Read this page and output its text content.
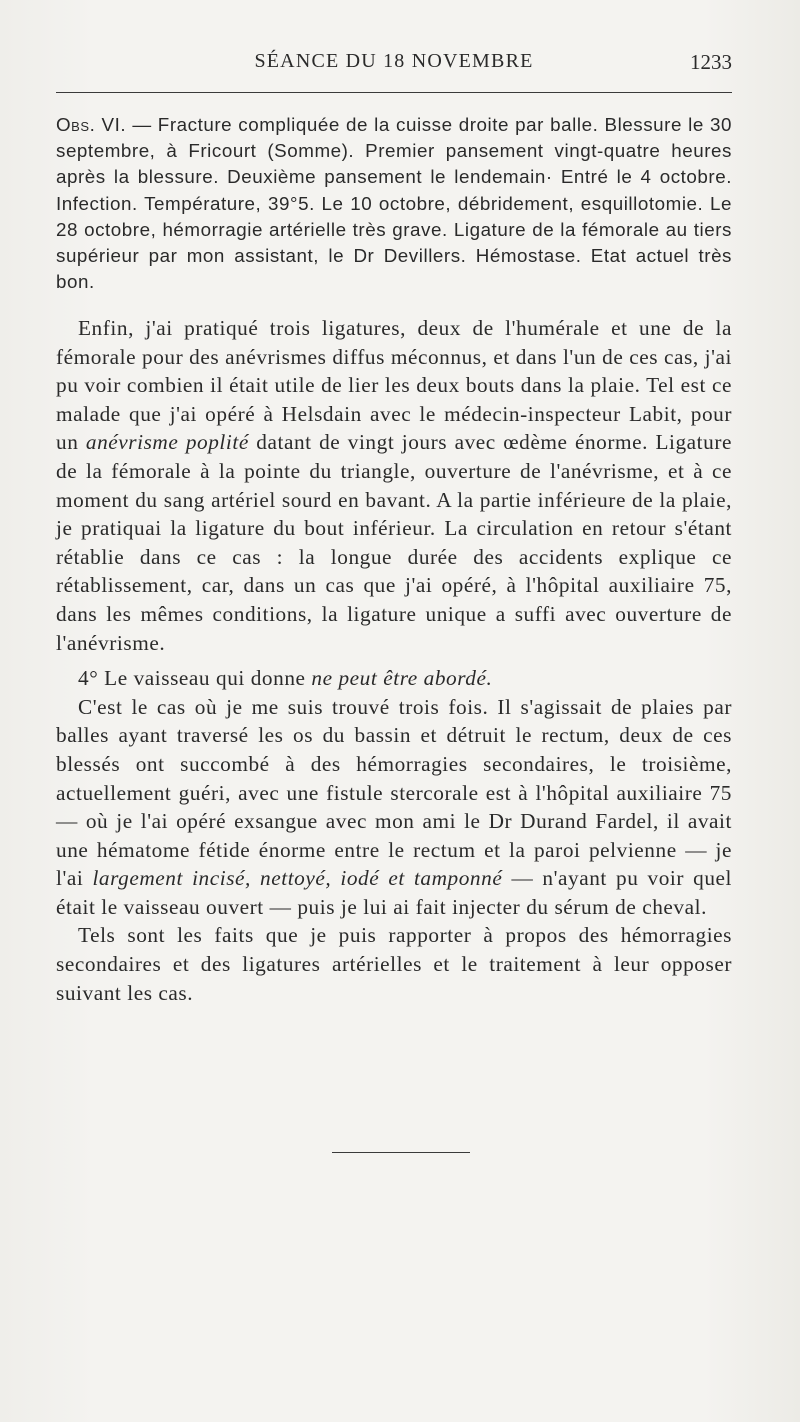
SÉANCE DU 18 NOVEMBRE	1233
Obs. VI. — Fracture compliquée de la cuisse droite par balle. Blessure le 30 septembre, à Fricourt (Somme). Premier pansement vingt-quatre heures après la blessure. Deuxième pansement le lendemain· Entré le 4 octobre. Infection. Température, 39°5. Le 10 octobre, débridement, esquillotomie. Le 28 octobre, hémorragie artérielle très grave. Ligature de la fémorale au tiers supérieur par mon assistant, le Dr Devillers. Hémostase. Etat actuel très bon.

Enfin, j'ai pratiqué trois ligatures, deux de l'humérale et une de la fémorale pour des anévrismes diffus méconnus, et dans l'un de ces cas, j'ai pu voir combien il était utile de lier les deux bouts dans la plaie. Tel est ce malade que j'ai opéré à Helsdain avec le médecin-inspecteur Labit, pour un anévrisme poplité datant de vingt jours avec œdème énorme. Ligature de la fémorale à la pointe du triangle, ouverture de l'anévrisme, et à ce moment du sang artériel sourd en bavant. A la partie inférieure de la plaie, je pratiquai la ligature du bout inférieur. La circulation en retour s'étant rétablie dans ce cas : la longue durée des accidents explique ce rétablissement, car, dans un cas que j'ai opéré, à l'hôpital auxiliaire 75, dans les mêmes conditions, la ligature unique a suffi avec ouverture de l'anévrisme.

4° Le vaisseau qui donne ne peut être abordé.

C'est le cas où je me suis trouvé trois fois. Il s'agissait de plaies par balles ayant traversé les os du bassin et détruit le rectum, deux de ces blessés ont succombé à des hémorragies secondaires, le troisième, actuellement guéri, avec une fistule stercorale est à l'hôpital auxiliaire 75 — où je l'ai opéré exsangue avec mon ami le Dr Durand Fardel, il avait une hématome fétide énorme entre le rectum et la paroi pelvienne — je l'ai largement incisé, nettoyé, iodé et tamponné — n'ayant pu voir quel était le vaisseau ouvert — puis je lui ai fait injecter du sérum de cheval.

Tels sont les faits que je puis rapporter à propos des hémorragies secondaires et des ligatures artérielles et le traitement à leur opposer suivant les cas.
